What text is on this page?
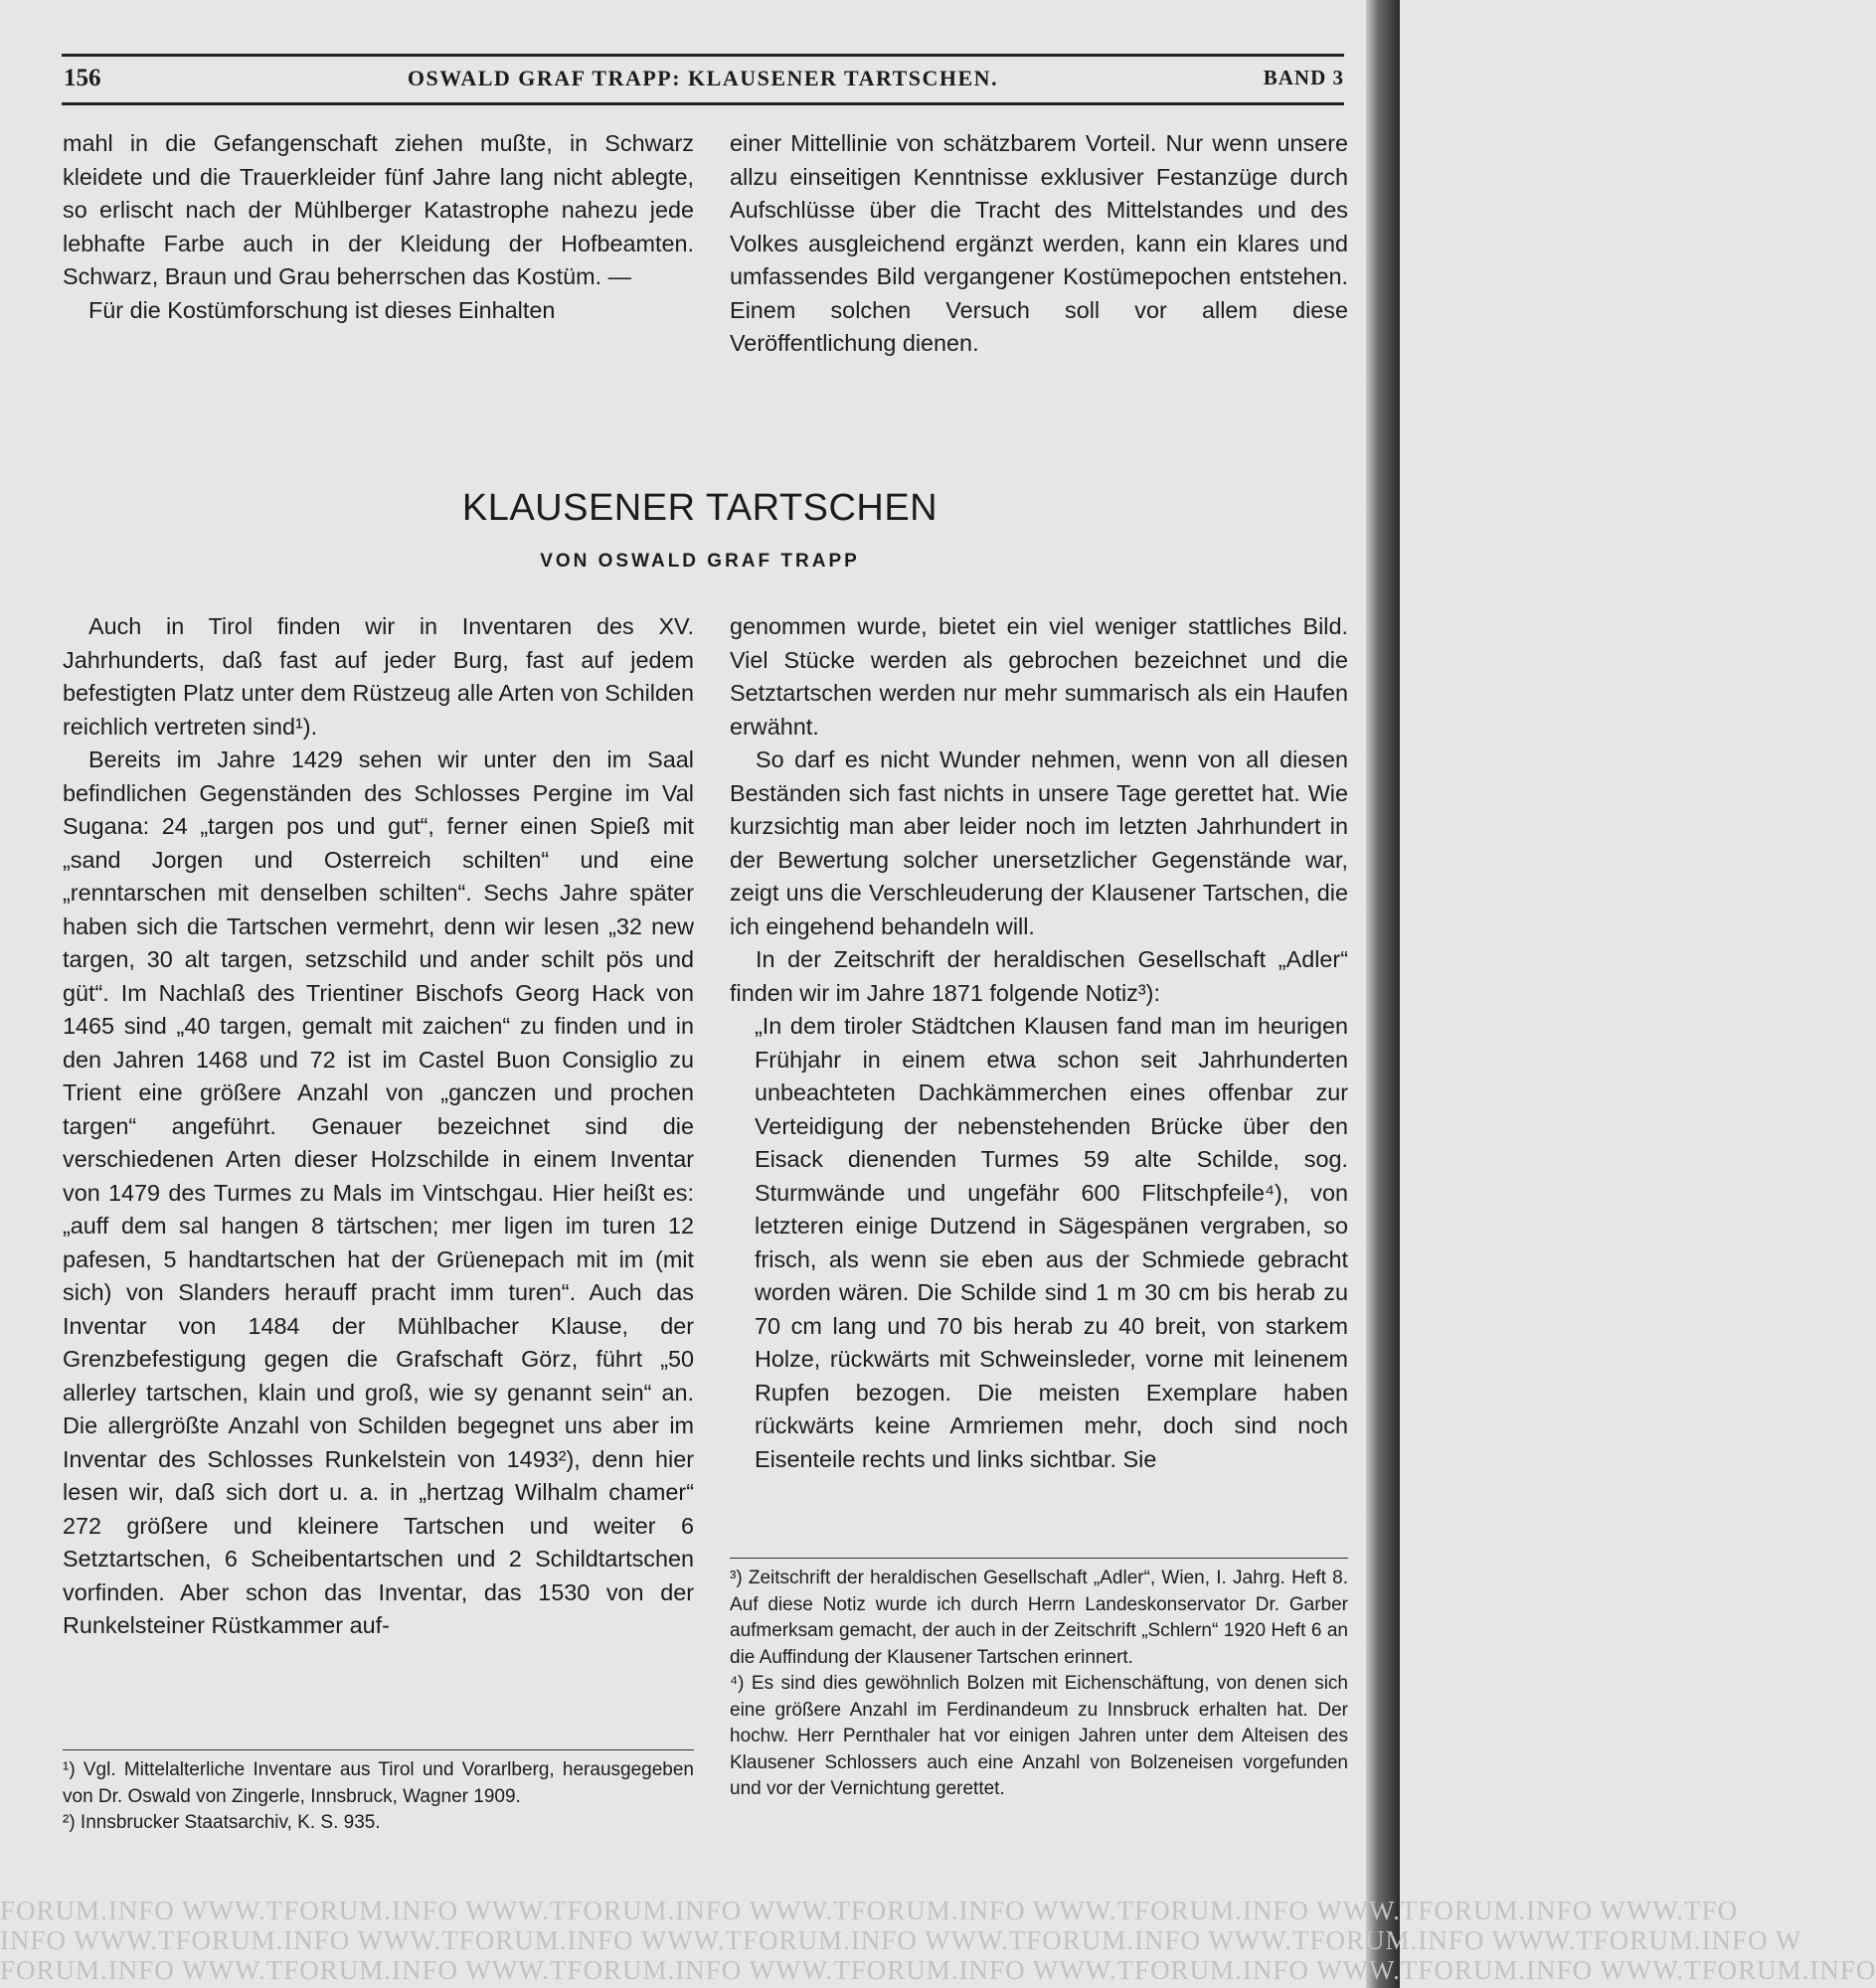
156	OSWALD GRAF TRAPP: KLAUSENER TARTSCHEN.	BAND 3

mahl in die Gefangenschaft ziehen mußte, in Schwarz kleidete und die Trauerkleider fünf Jahre lang nicht ablegte, so erlischt nach der Mühlberger Katastrophe nahezu jede lebhafte Farbe auch in der Kleidung der Hofbeamten. Schwarz, Braun und Grau beherrschen das Kostüm. —

Für die Kostümforschung ist dieses Einhalten

einer Mittellinie von schätzbarem Vorteil. Nur wenn unsere allzu einseitigen Kenntnisse exklusiver Festanzüge durch Aufschlüsse über die Tracht des Mittelstandes und des Volkes ausgleichend ergänzt werden, kann ein klares und umfassendes Bild vergangener Kostümepochen entstehen. Einem solchen Versuch soll vor allem diese Veröffentlichung dienen.

KLAUSENER TARTSCHEN
VON OSWALD GRAF TRAPP

Auch in Tirol finden wir in Inventaren des XV. Jahrhunderts, daß fast auf jeder Burg, fast auf jedem befestigten Platz unter dem Rüstzeug alle Arten von Schilden reichlich vertreten sind¹).

Bereits im Jahre 1429 sehen wir unter den im Saal befindlichen Gegenständen des Schlosses Pergine im Val Sugana: 24 „targen pos und gut“, ferner einen Spieß mit „sand Jorgen und Osterreich schilten“ und eine „renntarschen mit denselben schilten“. Sechs Jahre später haben sich die Tartschen vermehrt, denn wir lesen „32 new targen, 30 alt targen, setzschild und ander schilt pös und güt“. Im Nachlaß des Trientiner Bischofs Georg Hack von 1465 sind „40 targen, gemalt mit zaichen“ zu finden und in den Jahren 1468 und 72 ist im Castel Buon Consiglio zu Trient eine größere Anzahl von „ganczen und prochen targen“ angeführt. Genauer bezeichnet sind die verschiedenen Arten dieser Holzschilde in einem Inventar von 1479 des Turmes zu Mals im Vintschgau. Hier heißt es: „auff dem sal hangen 8 tärtschen; mer ligen im turen 12 pafesen, 5 handtartschen hat der Grüenepach mit im (mit sich) von Slanders herauff pracht imm turen“. Auch das Inventar von 1484 der Mühlbacher Klause, der Grenzbefestigung gegen die Grafschaft Görz, führt „50 allerley tartschen, klain und groß, wie sy genannt sein“ an. Die allergrößte Anzahl von Schilden begegnet uns aber im Inventar des Schlosses Runkelstein von 1493²), denn hier lesen wir, daß sich dort u. a. in „hertzag Wilhalm chamer“ 272 größere und kleinere Tartschen und weiter 6 Setztartschen, 6 Scheibentartschen und 2 Schildtartschen vorfinden. Aber schon das Inventar, das 1530 von der Runkelsteiner Rüstkammer auf-

genommen wurde, bietet ein viel weniger stattliches Bild. Viel Stücke werden als gebrochen bezeichnet und die Setztartschen werden nur mehr summarisch als ein Haufen erwähnt.

So darf es nicht Wunder nehmen, wenn von all diesen Beständen sich fast nichts in unsere Tage gerettet hat. Wie kurzsichtig man aber leider noch im letzten Jahrhundert in der Bewertung solcher unersetzlicher Gegenstände war, zeigt uns die Verschleuderung der Klausener Tartschen, die ich eingehend behandeln will.

In der Zeitschrift der heraldischen Gesellschaft „Adler“ finden wir im Jahre 1871 folgende Notiz³):

„In dem tiroler Städtchen Klausen fand man im heurigen Frühjahr in einem etwa schon seit Jahrhunderten unbeachteten Dachkämmerchen eines offenbar zur Verteidigung der nebenstehenden Brücke über den Eisack dienenden Turmes 59 alte Schilde, sog. Sturmwände und ungefähr 600 Flitschpfeile⁴), von letzteren einige Dutzend in Sägespänen vergraben, so frisch, als wenn sie eben aus der Schmiede gebracht worden wären. Die Schilde sind 1 m 30 cm bis herab zu 70 cm lang und 70 bis herab zu 40 breit, von starkem Holze, rückwärts mit Schweinsleder, vorne mit leinenem Rupfen bezogen. Die meisten Exemplare haben rückwärts keine Armriemen mehr, doch sind noch Eisenteile rechts und links sichtbar. Sie

¹) Vgl. Mittelalterliche Inventare aus Tirol und Vorarlberg, herausgegeben von Dr. Oswald von Zingerle, Innsbruck, Wagner 1909.

²) Innsbrucker Staatsarchiv, K. S. 935.

³) Zeitschrift der heraldischen Gesellschaft „Adler“, Wien, I. Jahrg. Heft 8. Auf diese Notiz wurde ich durch Herrn Landeskonservator Dr. Garber aufmerksam gemacht, der auch in der Zeitschrift „Schlern“ 1920 Heft 6 an die Auffindung der Klausener Tartschen erinnert.

⁴) Es sind dies gewöhnlich Bolzen mit Eichenschäftung, von denen sich eine größere Anzahl im Ferdinandeum zu Innsbruck erhalten hat. Der hochw. Herr Pernthaler hat vor einigen Jahren unter dem Alteisen des Klausener Schlossers auch eine Anzahl von Bolzeneisen vorgefunden und vor der Vernichtung gerettet.

FORUM.INFO WWW.TFORUM.INFO WWW.TFORUM.INFO WWW.TFORUM.INFO WWW.TFORUM.INFO WWW.TFORUM.INFO WWW.TFO
INFO WWW.TFORUM.INFO WWW.TFORUM.INFO WWW.TFORUM.INFO WWW.TFORUM.INFO WWW.TFORUM.INFO WWW.TFORUM.INFO W
FORUM.INFO WWW.TFORUM.INFO WWW.TFORUM.INFO WWW.TFORUM.INFO WWW.TFORUM.INFO WWW.TFORUM.INFO WWW.TFORUM.INFO
